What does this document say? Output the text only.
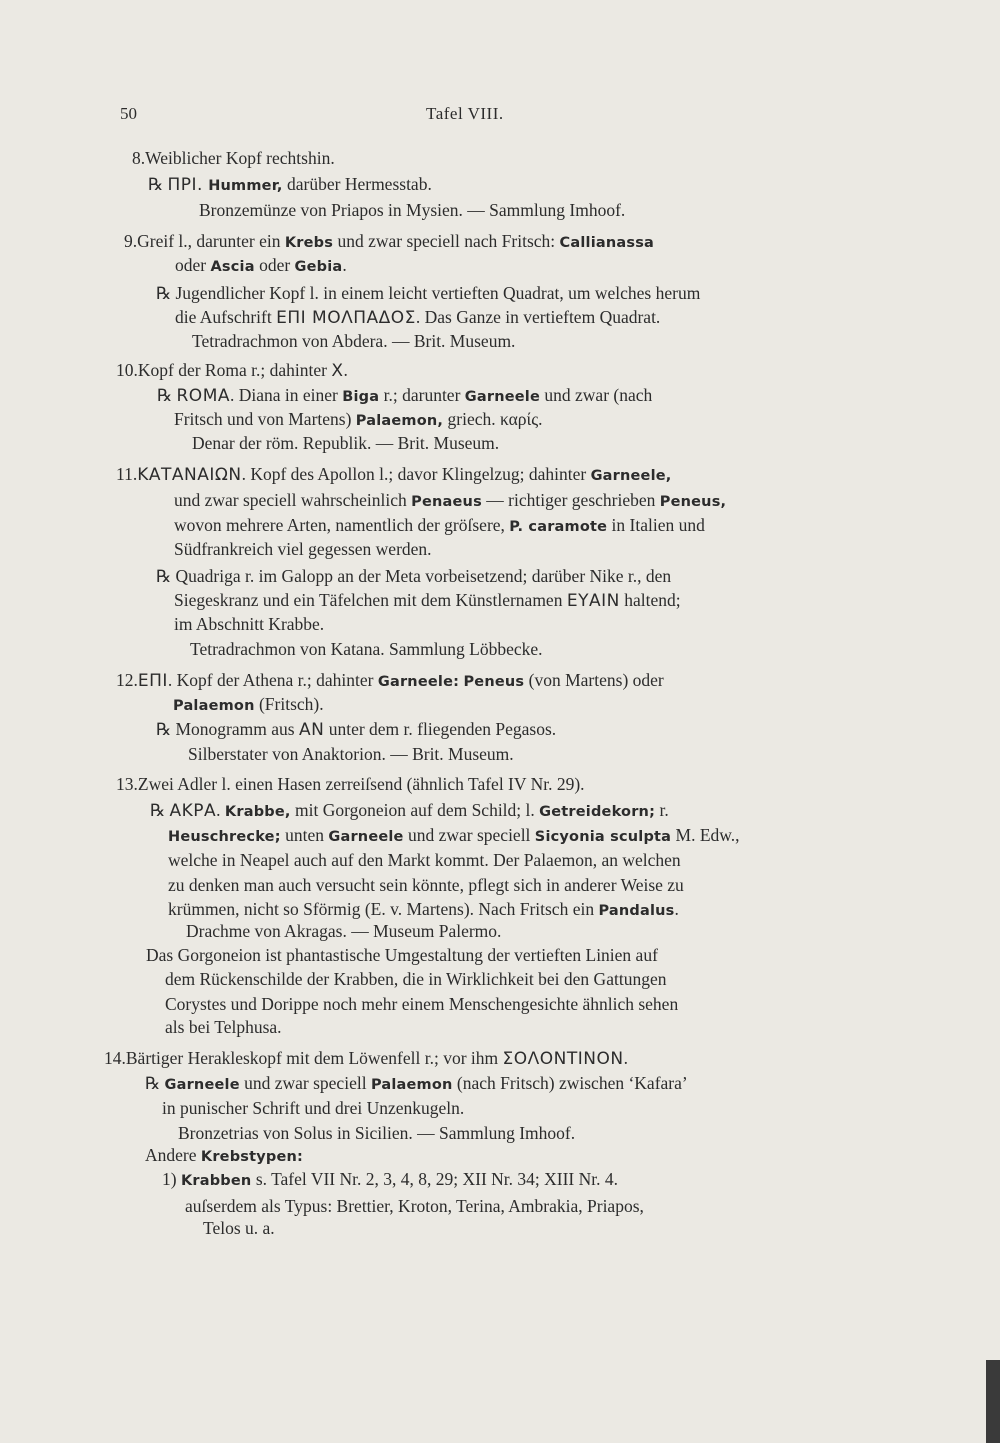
50	Tafel VIII.
8.Weiblicher Kopf rechtshin.
℞ ΠΡΙ. Hummer, darüber Hermesstab.
Bronzemünze von Priapos in Mysien. — Sammlung Imhoof.
9.Greif l., darunter ein Krebs und zwar speciell nach Fritsch: Callianassa
oder Ascia oder Gebia.
℞ Jugendlicher Kopf l. in einem leicht vertieften Quadrat, um welches herum
die Aufschrift ΕΠΙ ΜΟΛΠΑΔΟΣ. Das Ganze in vertieftem Quadrat.
Tetradrachmon von Abdera. — Brit. Museum.
10.Kopf der Roma r.; dahinter X.
℞ ROMA. Diana in einer Biga r.; darunter Garneele und zwar (nach
Fritsch und von Martens) Palaemon, griech. καρίς.
Denar der röm. Republik. — Brit. Museum.
11.ΚΑΤΑΝΑΙΩΝ. Kopf des Apollon l.; davor Klingelzug; dahinter Garneele,
und zwar speciell wahrscheinlich Penaeus — richtiger geschrieben Peneus,
wovon mehrere Arten, namentlich der gröſsere, P. caramote in Italien und
Südfrankreich viel gegessen werden.
℞ Quadriga r. im Galopp an der Meta vorbeisetzend; darüber Nike r., den
Siegeskranz und ein Täfelchen mit dem Künstlernamen ΕΥΑΙΝ haltend;
im Abschnitt Krabbe.
Tetradrachmon von Katana. Sammlung Löbbecke.
12.ΕΠΙ. Kopf der Athena r.; dahinter Garneele: Peneus (von Martens) oder
Palaemon (Fritsch).
℞ Monogramm aus ΑΝ unter dem r. fliegenden Pegasos.
Silberstater von Anaktorion. — Brit. Museum.
13.Zwei Adler l. einen Hasen zerreiſsend (ähnlich Tafel IV Nr. 29).
℞ ΑΚΡΑ. Krabbe, mit Gorgoneion auf dem Schild; l. Getreidekorn; r.
Heuschrecke; unten Garneele und zwar speciell Sicyonia sculpta M. Edw.,
welche in Neapel auch auf den Markt kommt. Der Palaemon, an welchen
zu denken man auch versucht sein könnte, pflegt sich in anderer Weise zu
krümmen, nicht so Sförmig (E. v. Martens). Nach Fritsch ein Pandalus.
Drachme von Akragas. — Museum Palermo.
Das Gorgoneion ist phantastische Umgestaltung der vertieften Linien auf
dem Rückenschilde der Krabben, die in Wirklichkeit bei den Gattungen
Corystes und Dorippe noch mehr einem Menschengesichte ähnlich sehen
als bei Telphusa.
14.Bärtiger Herakleskopf mit dem Löwenfell r.; vor ihm ΣΟΛΟΝΤΙΝΟΝ.
℞ Garneele und zwar speciell Palaemon (nach Fritsch) zwischen ‘Kafara’
in punischer Schrift und drei Unzenkugeln.
Bronzetrias von Solus in Sicilien. — Sammlung Imhoof.
Andere Krebstypen:
1) Krabben s. Tafel VII Nr. 2, 3, 4, 8, 29; XII Nr. 34; XIII Nr. 4.
auſserdem als Typus: Brettier, Kroton, Terina, Ambrakia, Priapos,
Telos u. a.
